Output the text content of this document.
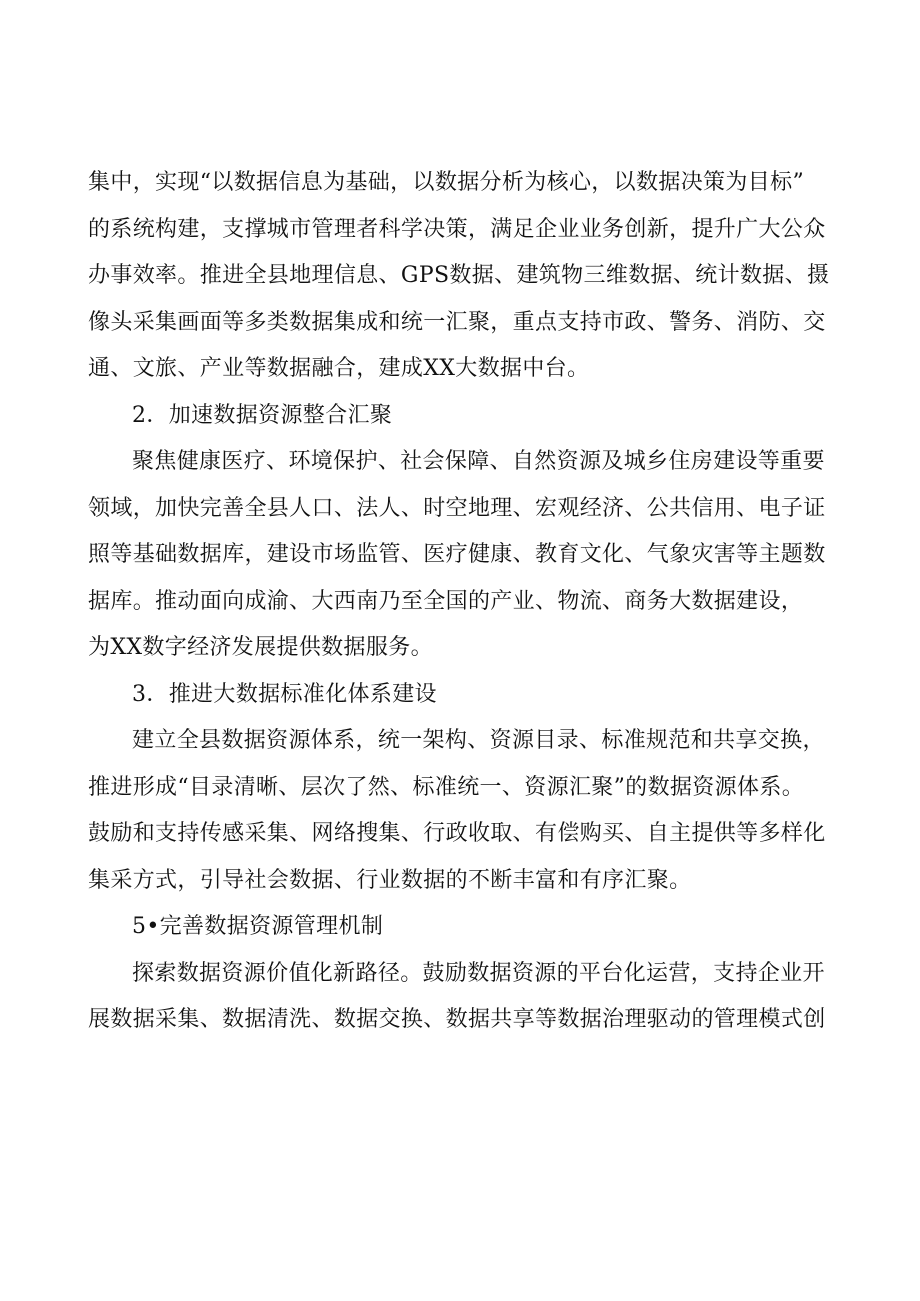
集中，实现“以数据信息为基础，以数据分析为核心，以数据决策为目标”

的系统构建，支撑城市管理者科学决策，满足企业业务创新，提升广大公众

办事效率。推进全县地理信息、GPS数据、建筑物三维数据、统计数据、摄

像头采集画面等多类数据集成和统一汇聚，重点支持市政、警务、消防、交

通、文旅、产业等数据融合，建成XX大数据中台。

2．加速数据资源整合汇聚

聚焦健康医疗、环境保护、社会保障、自然资源及城乡住房建设等重要

领域，加快完善全县人口、法人、时空地理、宏观经济、公共信用、电子证

照等基础数据库，建设市场监管、医疗健康、教育文化、气象灾害等主题数

据库。推动面向成渝、大西南乃至全国的产业、物流、商务大数据建设，

为XX数字经济发展提供数据服务。

3．推进大数据标准化体系建设

建立全县数据资源体系，统一架构、资源目录、标准规范和共享交换，

推进形成“目录清晰、层次了然、标准统一、资源汇聚”的数据资源体系。

鼓励和支持传感采集、网络搜集、行政收取、有偿购买、自主提供等多样化

集采方式，引导社会数据、行业数据的不断丰富和有序汇聚。

5•完善数据资源管理机制

探索数据资源价值化新路径。鼓励数据资源的平台化运营，支持企业开

展数据采集、数据清洗、数据交换、数据共享等数据治理驱动的管理模式创
